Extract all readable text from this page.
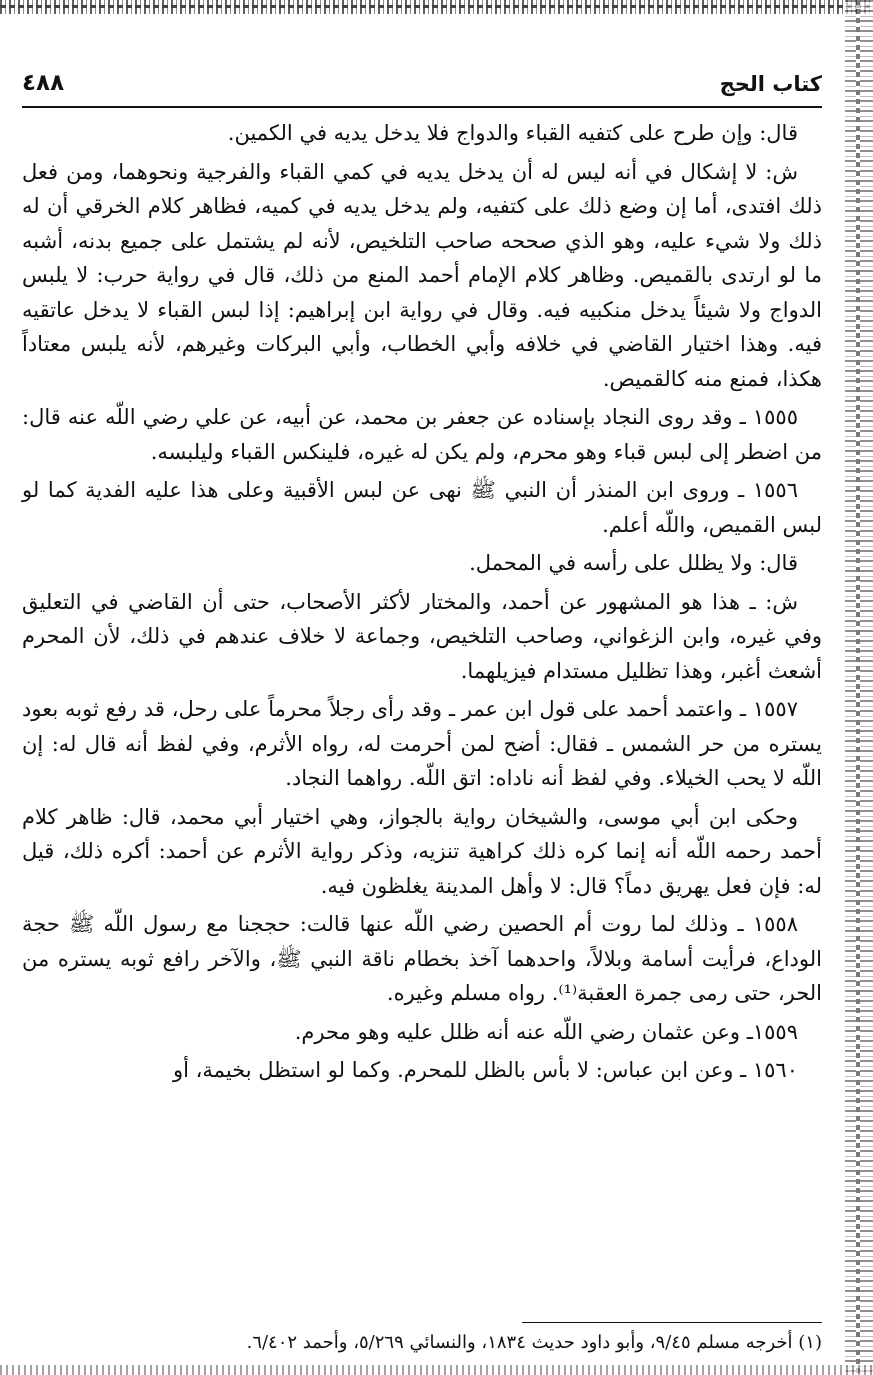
كتاب الحج
٤٨٨

قال: وإن طرح على كتفيه القباء والدواج فلا يدخل يديه في الكمين.

ش: لا إشكال في أنه ليس له أن يدخل يديه في كمي القباء والفرجية ونحوهما، ومن فعل ذلك افتدى، أما إن وضع ذلك على كتفيه، ولم يدخل يديه في كميه، فظاهر كلام الخرقي أن له ذلك ولا شيء عليه، وهو الذي صححه صاحب التلخيص، لأنه لم يشتمل على جميع بدنه، أشبه ما لو ارتدى بالقميص. وظاهر كلام الإمام أحمد المنع من ذلك، قال في رواية حرب: لا يلبس الدواج ولا شيئاً يدخل منكبيه فيه. وقال في رواية ابن إبراهيم: إذا لبس القباء لا يدخل عاتقيه فيه. وهذا اختيار القاضي في خلافه وأبي الخطاب، وأبي البركات وغيرهم، لأنه يلبس معتاداً هكذا، فمنع منه كالقميص.

١٥٥٥ ـ وقد روى النجاد بإسناده عن جعفر بن محمد، عن أبيه، عن علي رضي اللّه عنه قال: من اضطر إلى لبس قباء وهو محرم، ولم يكن له غيره، فلينكس القباء وليلبسه.

١٥٥٦ ـ وروى ابن المنذر أن النبي ﷺ نهى عن لبس الأقبية وعلى هذا عليه الفدية كما لو لبس القميص، واللّه أعلم.

قال: ولا يظلل على رأسه في المحمل.

ش: ـ هذا هو المشهور عن أحمد، والمختار لأكثر الأصحاب، حتى أن القاضي في التعليق وفي غيره، وابن الزغواني، وصاحب التلخيص، وجماعة لا خلاف عندهم في ذلك، لأن المحرم أشعث أغبر، وهذا تظليل مستدام فيزيلهما.

١٥٥٧ ـ واعتمد أحمد على قول ابن عمر ـ وقد رأى رجلاً محرماً على رحل، قد رفع ثوبه بعود يستره من حر الشمس ـ فقال: أضح لمن أحرمت له، رواه الأثرم، وفي لفظ أنه قال له: إن اللّه لا يحب الخيلاء. وفي لفظ أنه ناداه: اتق اللّه. رواهما النجاد.

وحكى ابن أبي موسى، والشيخان رواية بالجواز، وهي اختيار أبي محمد، قال: ظاهر كلام أحمد رحمه اللّه أنه إنما كره ذلك كراهية تنزيه، وذكر رواية الأثرم عن أحمد: أكره ذلك، قيل له: فإن فعل يهريق دماً؟ قال: لا وأهل المدينة يغلظون فيه.

١٥٥٨ ـ وذلك لما روت أم الحصين رضي اللّه عنها قالت: حججنا مع رسول اللّه ﷺ حجة الوداع، فرأيت أسامة وبلالاً، واحدهما آخذ بخطام ناقة النبي ﷺ، والآخر رافع ثوبه يستره من الحر، حتى رمى جمرة العقبة⁽¹⁾. رواه مسلم وغيره.

١٥٥٩ـ وعن عثمان رضي اللّه عنه أنه ظلل عليه وهو محرم.

١٥٦٠ ـ وعن ابن عباس: لا بأس بالظل للمحرم. وكما لو استظل بخيمة، أو

(١) أخرجه مسلم ٩/٤٥، وأبو داود حديث ١٨٣٤، والنسائي ٥/٢٦٩، وأحمد ٦/٤٠٢.
